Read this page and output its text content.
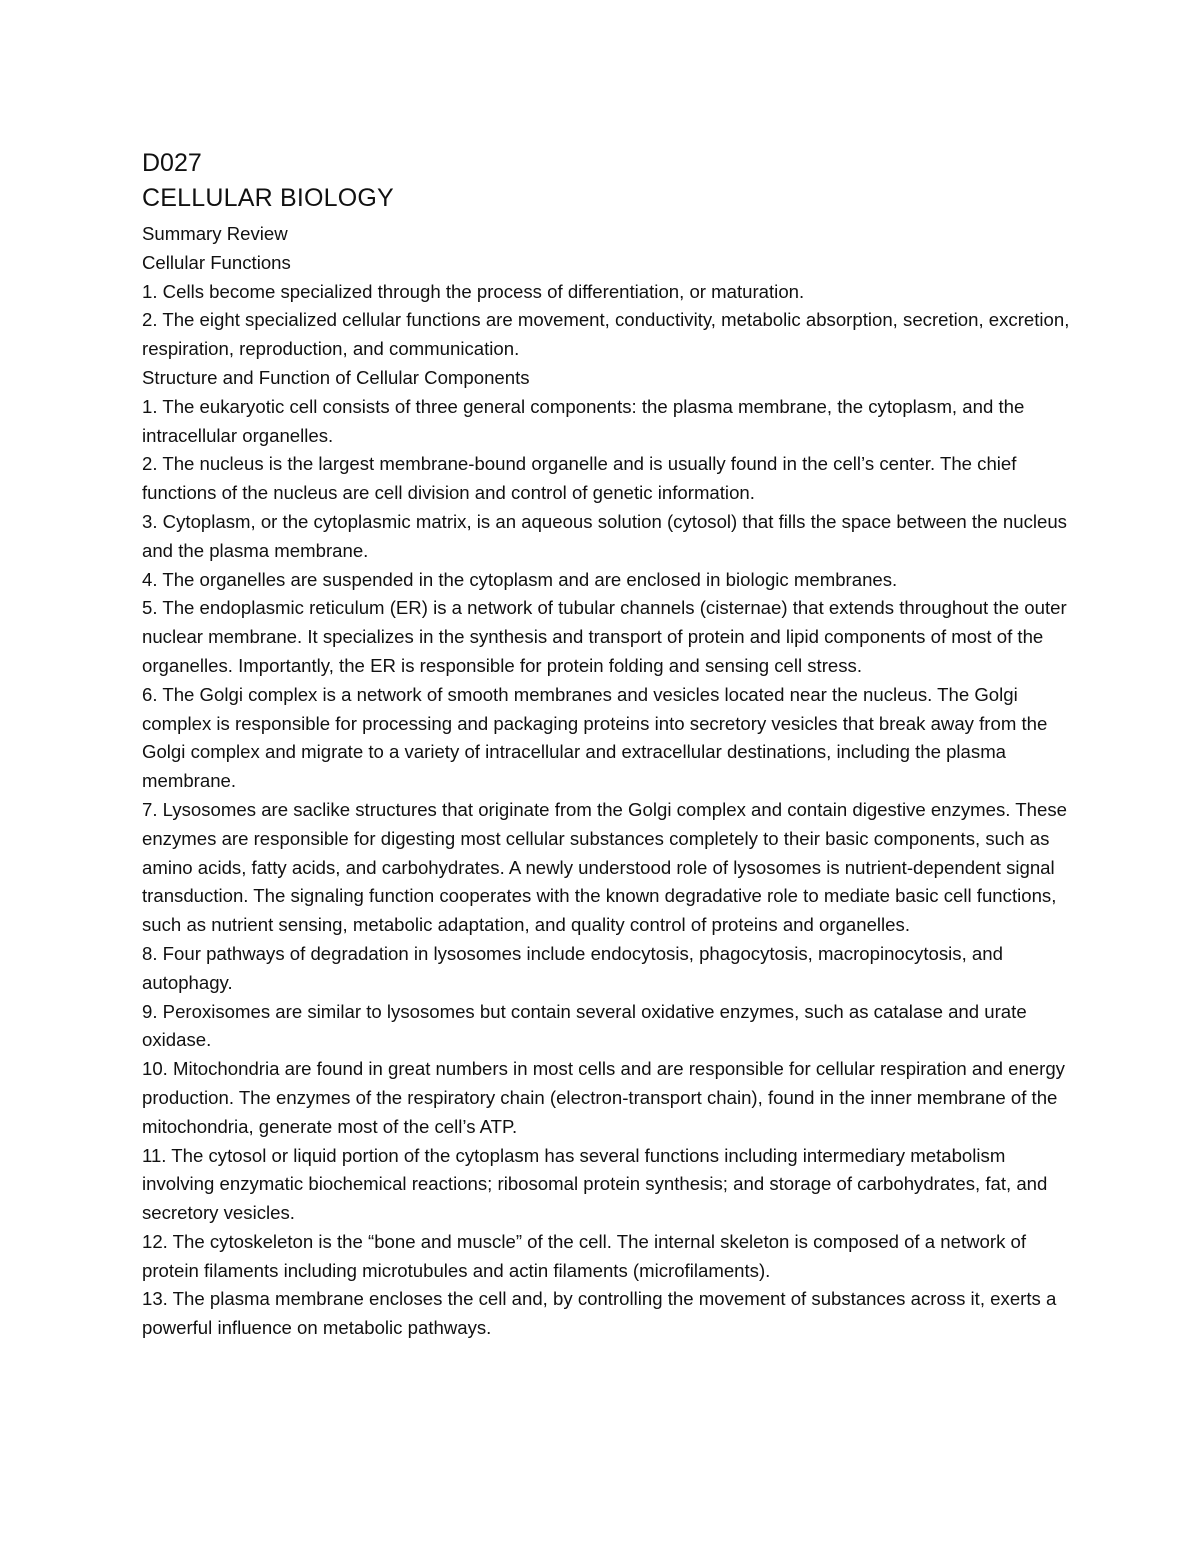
D027

CELLULAR BIOLOGY

Summary Review

Cellular Functions

1. Cells become specialized through the process of differentiation, or maturation.

2. The eight specialized cellular functions are movement, conductivity, metabolic absorption, secretion, excretion, respiration, reproduction, and communication.

Structure and Function of Cellular Components

1. The eukaryotic cell consists of three general components: the plasma membrane, the cytoplasm, and the intracellular organelles.

2. The nucleus is the largest membrane-bound organelle and is usually found in the cell’s center. The chief functions of the nucleus are cell division and control of genetic information.

3. Cytoplasm, or the cytoplasmic matrix, is an aqueous solution (cytosol) that fills the space between the nucleus and the plasma membrane.

4. The organelles are suspended in the cytoplasm and are enclosed in biologic membranes.

5. The endoplasmic reticulum (ER) is a network of tubular channels (cisternae) that extends throughout the outer nuclear membrane. It specializes in the synthesis and transport of protein and lipid components of most of the organelles. Importantly, the ER is responsible for protein folding and sensing cell stress.

6. The Golgi complex is a network of smooth membranes and vesicles located near the nucleus. The Golgi complex is responsible for processing and packaging proteins into secretory vesicles that break away from the Golgi complex and migrate to a variety of intracellular and extracellular destinations, including the plasma membrane.

7. Lysosomes are saclike structures that originate from the Golgi complex and contain digestive enzymes. These enzymes are responsible for digesting most cellular substances completely to their basic components, such as amino acids, fatty acids, and carbohydrates. A newly understood role of lysosomes is nutrient-dependent signal transduction. The signaling function cooperates with the known degradative role to mediate basic cell functions, such as nutrient sensing, metabolic adaptation, and quality control of proteins and organelles.

8. Four pathways of degradation in lysosomes include endocytosis, phagocytosis, macropinocytosis, and autophagy.

9. Peroxisomes are similar to lysosomes but contain several oxidative enzymes, such as catalase and urate oxidase.

10. Mitochondria are found in great numbers in most cells and are responsible for cellular respiration and energy production. The enzymes of the respiratory chain (electron-transport chain), found in the inner membrane of the mitochondria, generate most of the cell’s ATP.

11. The cytosol or liquid portion of the cytoplasm has several functions including intermediary metabolism involving enzymatic biochemical reactions; ribosomal protein synthesis; and storage of carbohydrates, fat, and secretory vesicles.

12. The cytoskeleton is the “bone and muscle” of the cell. The internal skeleton is composed of a network of protein filaments including microtubules and actin filaments (microfilaments).

13. The plasma membrane encloses the cell and, by controlling the movement of substances across it, exerts a powerful influence on metabolic pathways.
